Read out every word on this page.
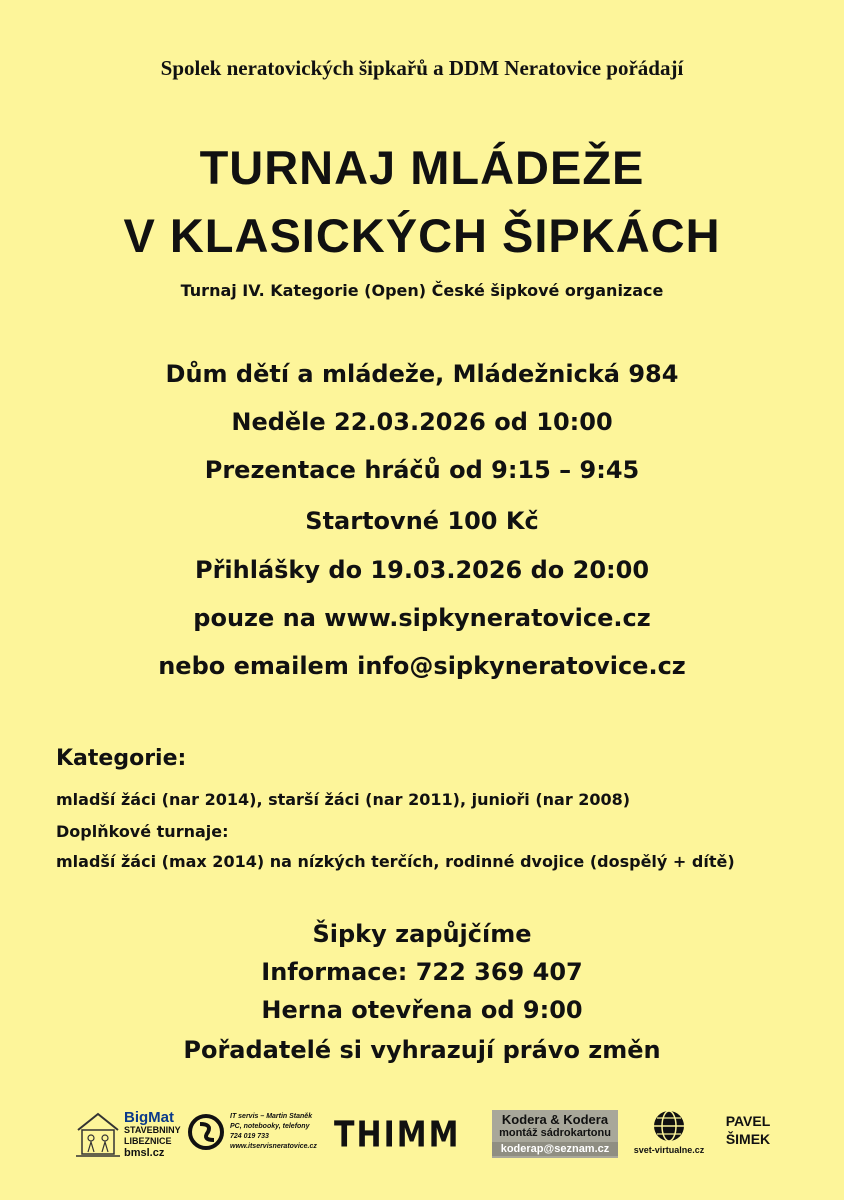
Spolek neratovických šipkařů a DDM Neratovice pořádají
TURNAJ MLÁDEŽE
V KLASICKÝCH ŠIPKÁCH
Turnaj IV. Kategorie (Open) České šipkové organizace
Dům dětí a mládeže, Mládežnická 984
Neděle 22.03.2026 od 10:00
Prezentace hráčů od 9:15 – 9:45
Startovné 100 Kč
Přihlášky do 19.03.2026 do 20:00
pouze na www.sipkyneratovice.cz
nebo emailem info@sipkyneratovice.cz
Kategorie:
mladší žáci (nar 2014), starší žáci (nar 2011), junioři (nar 2008)
Doplňkové turnaje:
mladší žáci (max 2014) na nízkých terčích, rodinné dvojice (dospělý + dítě)
Šipky zapůjčíme
Informace: 722 369 407
Herna otevřena od 9:00
Pořadatelé si vyhrazují právo změn
BigMat
STAVEBNINY
LIBEZNICE
bmsl.cz
IT servis – Martin Staněk
PC, notebooky, telefony
724 019 733
www.itservisneratovice.cz THIMM	Kodera & Kodera
montáž sádrokartonu
koderap@seznam.cz	svet-virtualne.cz
PAVEL
ŠIMEK
